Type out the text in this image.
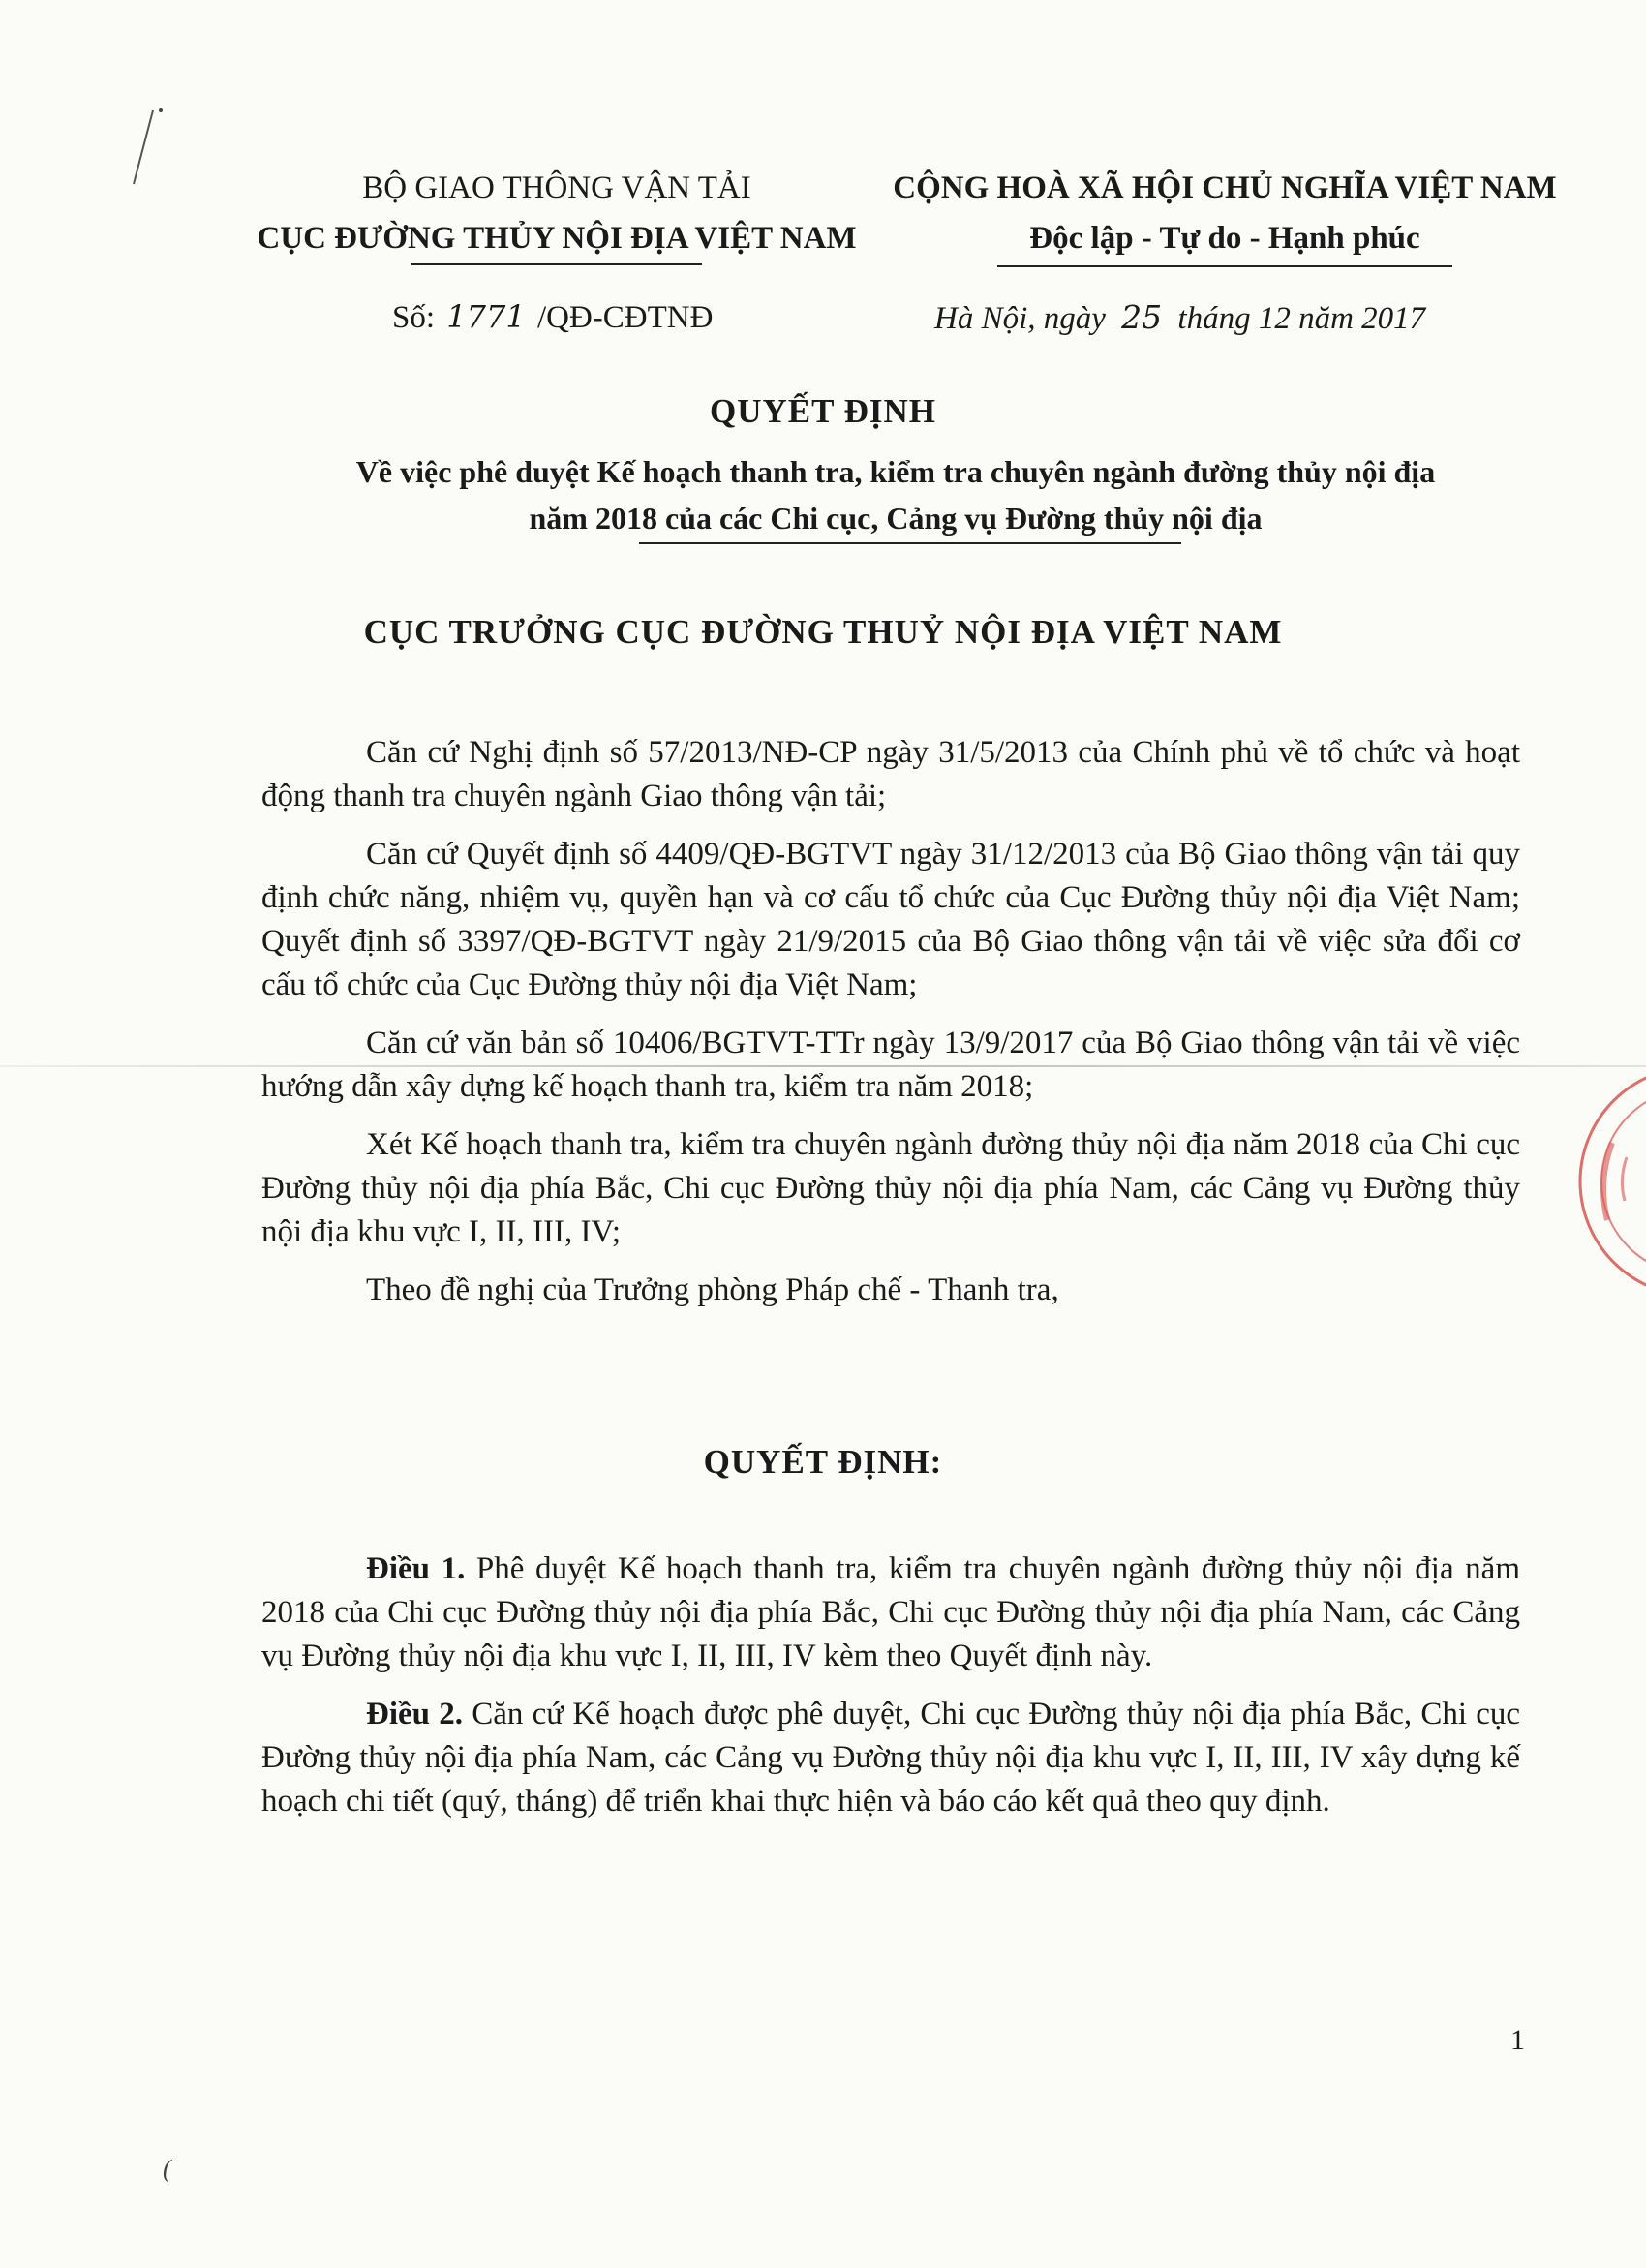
BỘ GIAO THÔNG VẬN TẢI
CỤC ĐƯỜNG THỦY NỘI ĐỊA VIỆT NAM
CỘNG HOÀ XÃ HỘI CHỦ NGHĨA VIỆT NAM
Độc lập - Tự do - Hạnh phúc
Số: 1771 /QĐ-CĐTNĐ	Hà Nội, ngày 25 tháng 12 năm 2017
QUYẾT ĐỊNH
Về việc phê duyệt Kế hoạch thanh tra, kiểm tra chuyên ngành đường thủy nội địa
năm 2018 của các Chi cục, Cảng vụ Đường thủy nội địa
CỤC TRƯỞNG CỤC ĐƯỜNG THUỶ NỘI ĐỊA VIỆT NAM

Căn cứ Nghị định số 57/2013/NĐ-CP ngày 31/5/2013 của Chính phủ về tổ chức và hoạt động thanh tra chuyên ngành Giao thông vận tải;

Căn cứ Quyết định số 4409/QĐ-BGTVT ngày 31/12/2013 của Bộ Giao thông vận tải quy định chức năng, nhiệm vụ, quyền hạn và cơ cấu tổ chức của Cục Đường thủy nội địa Việt Nam; Quyết định số 3397/QĐ-BGTVT ngày 21/9/2015 của Bộ Giao thông vận tải về việc sửa đổi cơ cấu tổ chức của Cục Đường thủy nội địa Việt Nam;

Căn cứ văn bản số 10406/BGTVT-TTr ngày 13/9/2017 của Bộ Giao thông vận tải về việc hướng dẫn xây dựng kế hoạch thanh tra, kiểm tra năm 2018;

Xét Kế hoạch thanh tra, kiểm tra chuyên ngành đường thủy nội địa năm 2018 của Chi cục Đường thủy nội địa phía Bắc, Chi cục Đường thủy nội địa phía Nam, các Cảng vụ Đường thủy nội địa khu vực I, II, III, IV;

Theo đề nghị của Trưởng phòng Pháp chế - Thanh tra,

QUYẾT ĐỊNH:

Điều 1. Phê duyệt Kế hoạch thanh tra, kiểm tra chuyên ngành đường thủy nội địa năm 2018 của Chi cục Đường thủy nội địa phía Bắc, Chi cục Đường thủy nội địa phía Nam, các Cảng vụ Đường thủy nội địa khu vực I, II, III, IV kèm theo Quyết định này.

Điều 2. Căn cứ Kế hoạch được phê duyệt, Chi cục Đường thủy nội địa phía Bắc, Chi cục Đường thủy nội địa phía Nam, các Cảng vụ Đường thủy nội địa khu vực I, II, III, IV xây dựng kế hoạch chi tiết (quý, tháng) để triển khai thực hiện và báo cáo kết quả theo quy định.

1
(
